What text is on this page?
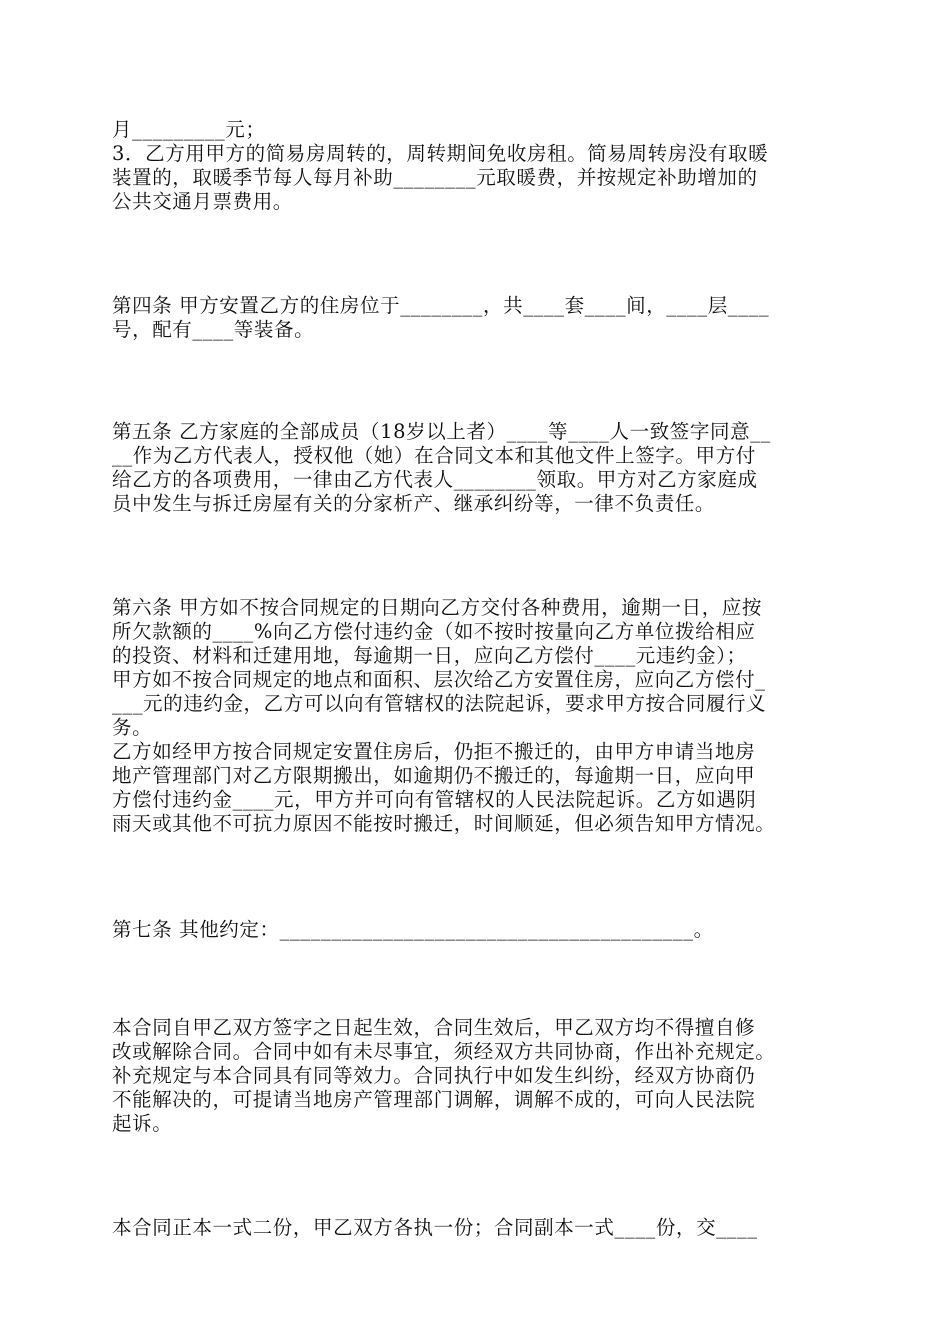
月_________元；
3．乙方用甲方的简易房周转的，周转期间免收房租。简易周转房没有取暖
装置的，取暖季节每人每月补助________元取暖费，并按规定补助增加的
公共交通月票费用。
第四条 甲方安置乙方的住房位于________，共____套____间，____层____
号，配有____等装备。
第五条 乙方家庭的全部成员（18岁以上者）____等____人一致签字同意__
__作为乙方代表人，授权他（她）在合同文本和其他文件上签字。甲方付
给乙方的各项费用，一律由乙方代表人________领取。甲方对乙方家庭成
员中发生与拆迁房屋有关的分家析产、继承纠纷等，一律不负责任。
第六条 甲方如不按合同规定的日期向乙方交付各种费用，逾期一日，应按
所欠款额的____%向乙方偿付违约金（如不按时按量向乙方单位拨给相应
的投资、材料和迁建用地，每逾期一日，应向乙方偿付____元违约金）；
甲方如不按合同规定的地点和面积、层次给乙方安置住房，应向乙方偿付_
___元的违约金，乙方可以向有管辖权的法院起诉，要求甲方按合同履行义
务。
乙方如经甲方按合同规定安置住房后，仍拒不搬迁的，由甲方申请当地房
地产管理部门对乙方限期搬出，如逾期仍不搬迁的，每逾期一日，应向甲
方偿付违约金____元，甲方并可向有管辖权的人民法院起诉。乙方如遇阴
雨天或其他不可抗力原因不能按时搬迁，时间顺延，但必须告知甲方情况。
第七条 其他约定：________________________________________。
本合同自甲乙双方签字之日起生效，合同生效后，甲乙双方均不得擅自修
改或解除合同。合同中如有未尽事宜，须经双方共同协商，作出补充规定。
补充规定与本合同具有同等效力。合同执行中如发生纠纷，经双方协商仍
不能解决的，可提请当地房产管理部门调解，调解不成的，可向人民法院
起诉。
本合同正本一式二份，甲乙双方各执一份；合同副本一式____份，交____
